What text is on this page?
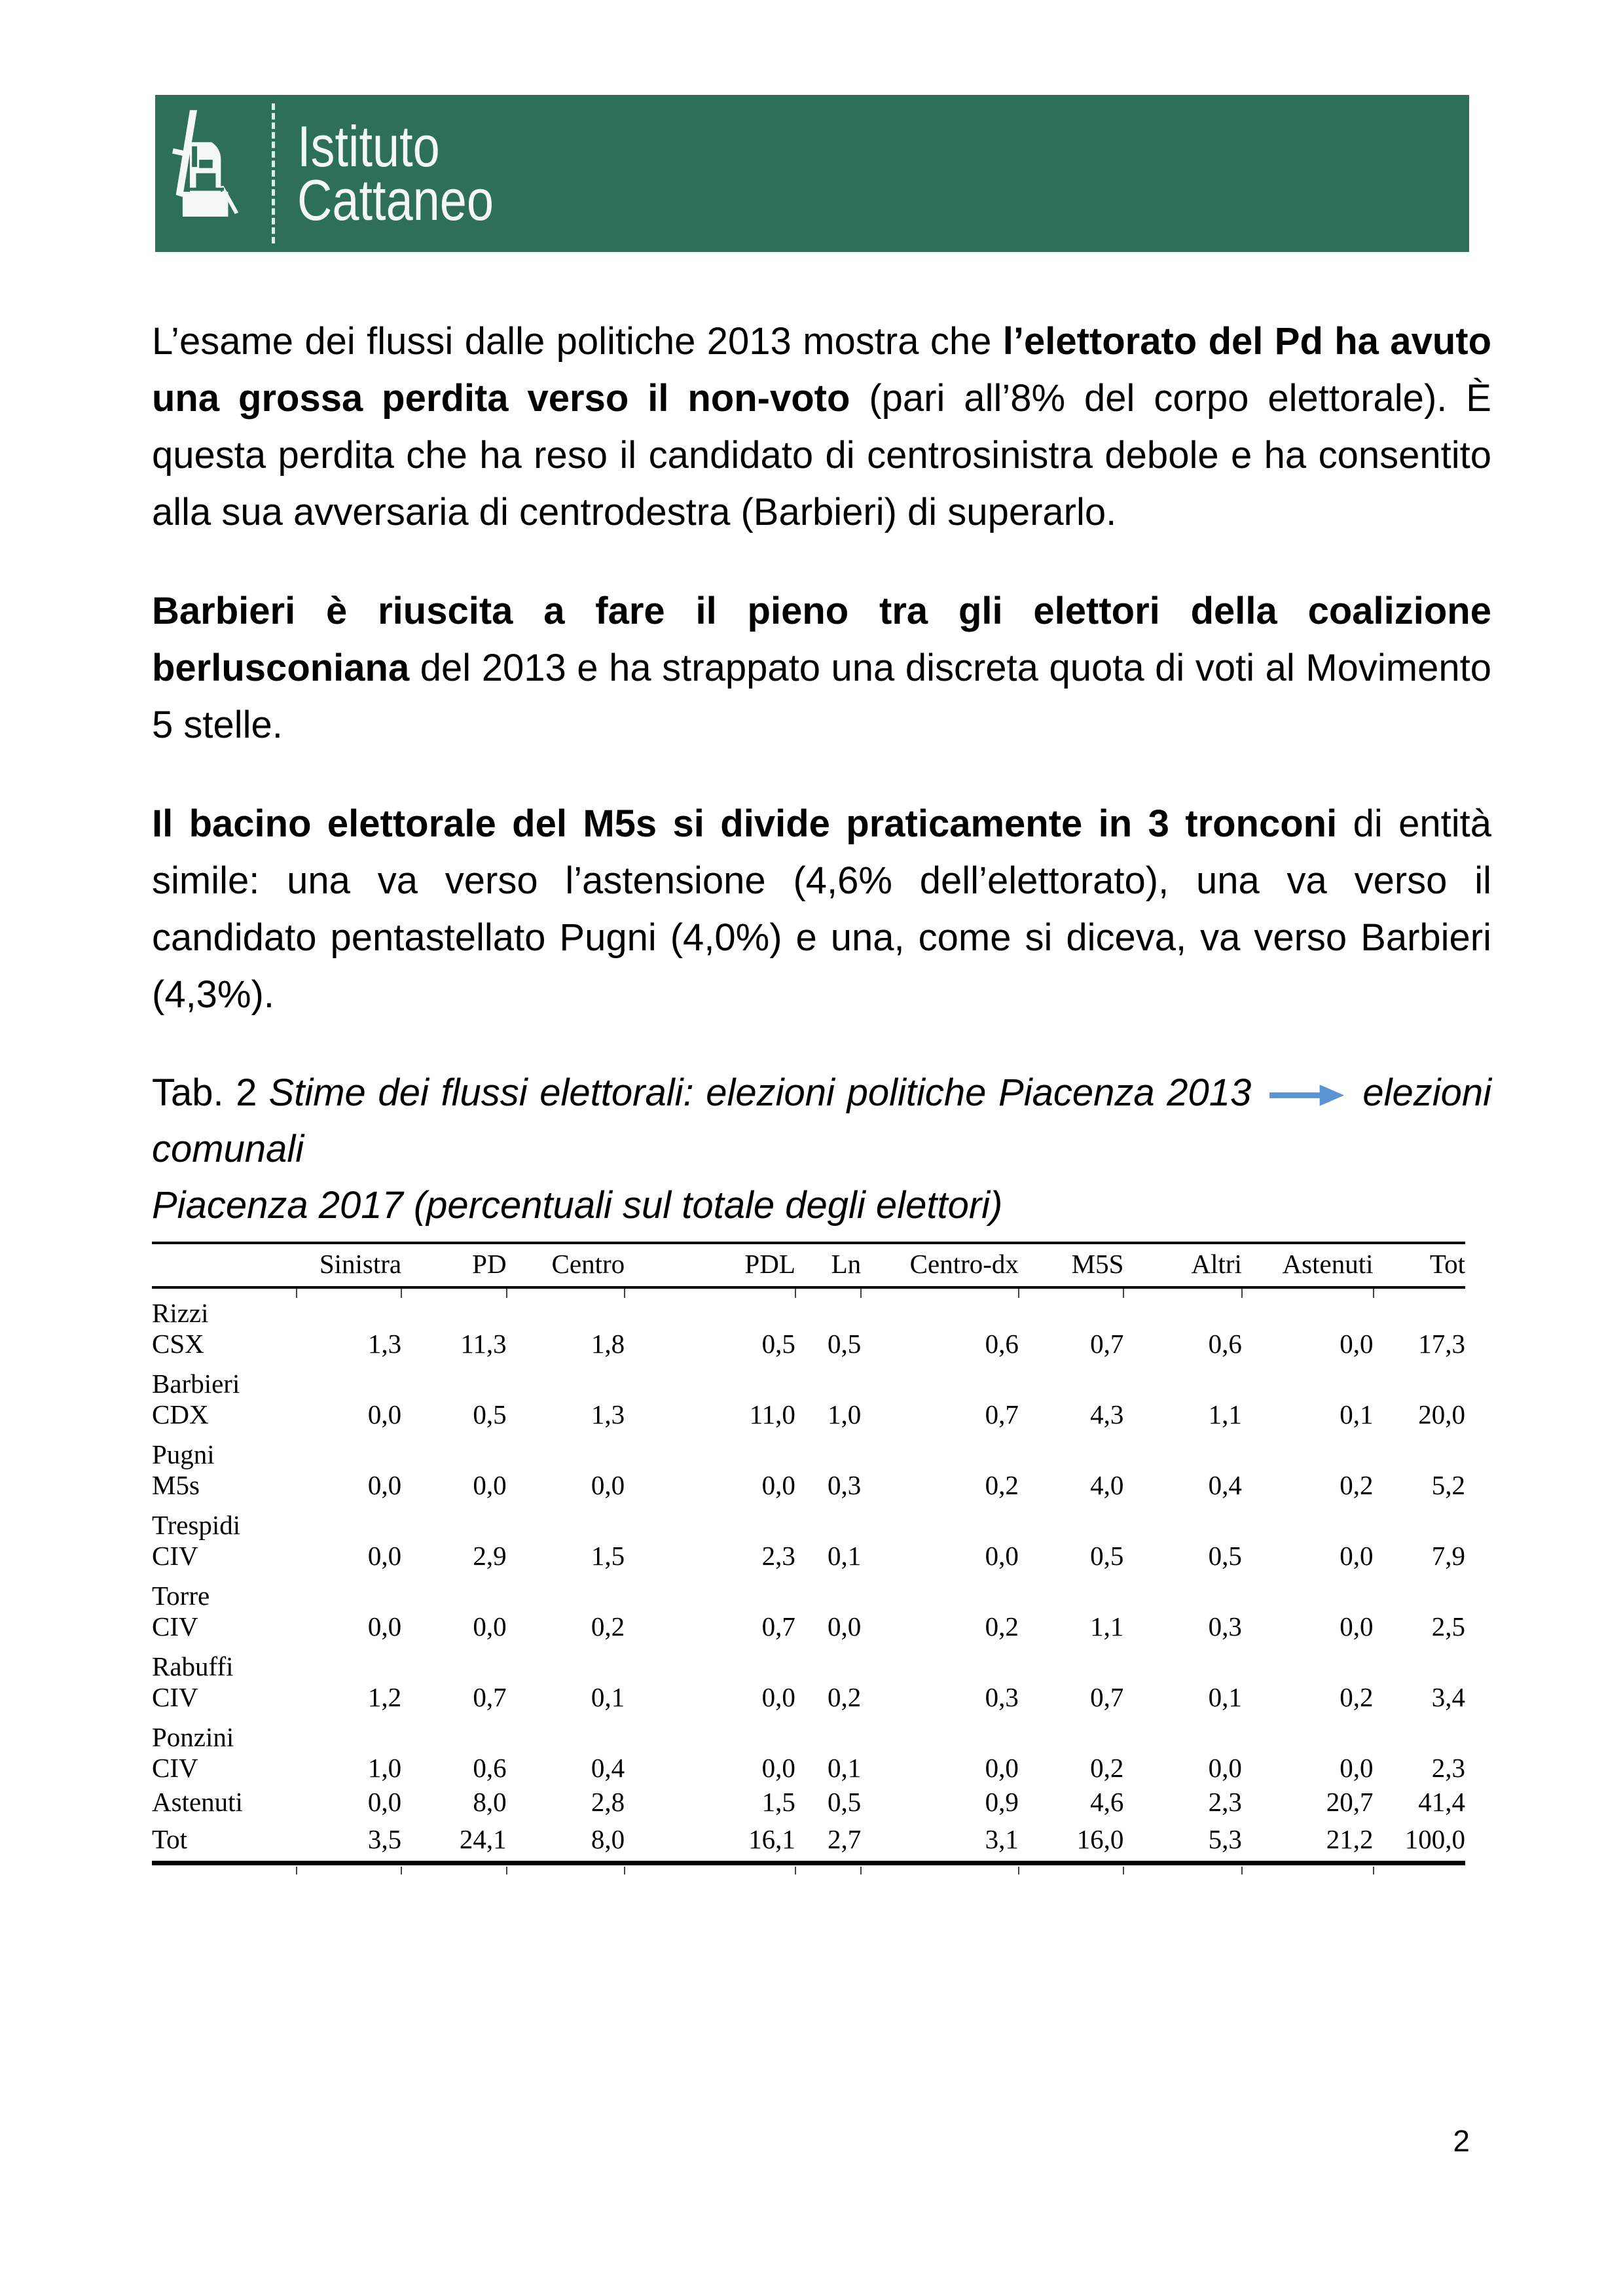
Istituto
Cattaneo

L’esame dei flussi dalle politiche 2013 mostra che l’elettorato del Pd ha avuto una grossa perdita verso il non-voto (pari all’8% del corpo elettorale). È questa perdita che ha reso il candidato di centrosinistra debole e ha consentito alla sua avversaria di centrodestra (Barbieri) di superarlo.

Barbieri è riuscita a fare il pieno tra gli elettori della coalizione berlusconiana del 2013 e ha strappato una discreta quota di voti al Movimento 5 stelle.

Il bacino elettorale del M5s si divide praticamente in 3 tronconi di entità simile: una va verso l’astensione (4,6% dell’elettorato), una va verso il candidato pentastellato Pugni (4,0%) e una, come si diceva, va verso Barbieri (4,3%).

Tab. 2 Stime dei flussi elettorali: elezioni politiche Piacenza 2013	elezioni comunali
Piacenza 2017 (percentuali sul totale degli elettori)

	Sinistra	PD	Centro	PDL	Ln	Centro-dx	M5S	Altri	Astenuti	Tot

Rizzi
CSX	1,3	11,3	1,8	0,5	0,5	0,6	0,7	0,6	0,0	17,3

Barbieri
CDX	0,0	0,5	1,3	11,0	1,0	0,7	4,3	1,1	0,1	20,0

Pugni
M5s	0,0	0,0	0,0	0,0	0,3	0,2	4,0	0,4	0,2	5,2

Trespidi
CIV	0,0	2,9	1,5	2,3	0,1	0,0	0,5	0,5	0,0	7,9

Torre
CIV	0,0	0,0	0,2	0,7	0,0	0,2	1,1	0,3	0,0	2,5

Rabuffi
CIV	1,2	0,7	0,1	0,0	0,2	0,3	0,7	0,1	0,2	3,4

Ponzini
CIV	1,0	0,6	0,4	0,0	0,1	0,0	0,2	0,0	0,0	2,3
Astenuti	0,0	8,0	2,8	1,5	0,5	0,9	4,6	2,3	20,7	41,4
Tot	3,5	24,1	8,0	16,1	2,7	3,1	16,0	5,3	21,2	100,0
2
